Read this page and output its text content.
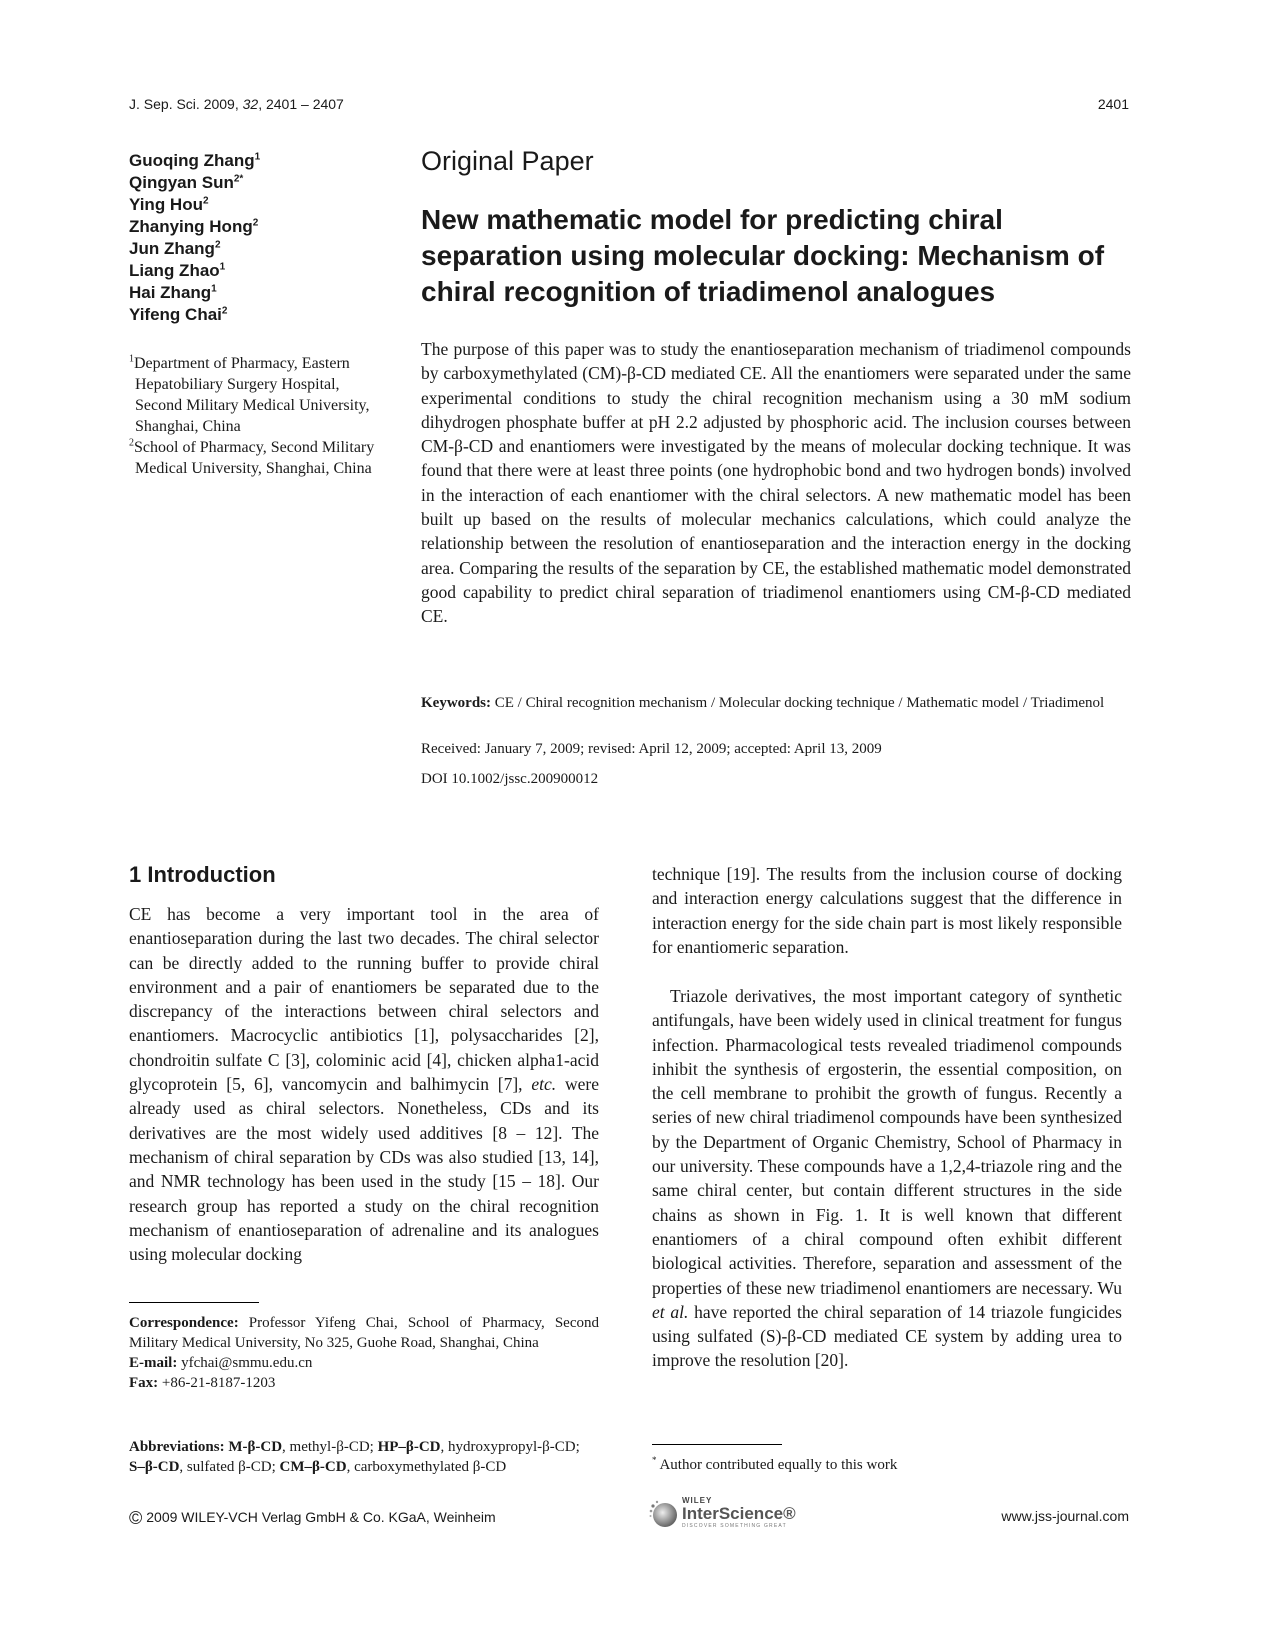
J. Sep. Sci. 2009, 32, 2401 – 2407	2401
Guoqing Zhang$^1$
Qingyan Sun$^{2*}$
Ying Hou$^2$
Zhanying Hong$^2$
Jun Zhang$^2$
Liang Zhao$^1$
Hai Zhang$^1$
Yifeng Chai$^2$
$^1$Department of Pharmacy, Eastern Hepatobiliary Surgery Hospital, Second Military Medical University, Shanghai, China
$^2$School of Pharmacy, Second Military Medical University, Shanghai, China
Original Paper
New mathematic model for predicting chiral separation using molecular docking: Mechanism of chiral recognition of triadimenol analogues

The purpose of this paper was to study the enantioseparation mechanism of triadimenol compounds by carboxymethylated (CM)-β-CD mediated CE. All the enantiomers were separated under the same experimental conditions to study the chiral recognition mechanism using a 30 mM sodium dihydrogen phosphate buffer at pH 2.2 adjusted by phosphoric acid. The inclusion courses between CM-β-CD and enantiomers were investigated by the means of molecular docking technique. It was found that there were at least three points (one hydrophobic bond and two hydrogen bonds) involved in the interaction of each enantiomer with the chiral selectors. A new mathematic model has been built up based on the results of molecular mechanics calculations, which could analyze the relationship between the resolution of enantioseparation and the interaction energy in the docking area. Comparing the results of the separation by CE, the established mathematic model demonstrated good capability to predict chiral separation of triadimenol enantiomers using CM-β-CD mediated CE.

Keywords: CE / Chiral recognition mechanism / Molecular docking technique / Mathematic model / Triadimenol

Received: January 7, 2009; revised: April 12, 2009; accepted: April 13, 2009

DOI 10.1002/jssc.200900012

1 Introduction

CE has become a very important tool in the area of enantioseparation during the last two decades. The chiral selector can be directly added to the running buffer to provide chiral environment and a pair of enantiomers be separated due to the discrepancy of the interactions between chiral selectors and enantiomers. Macrocyclic antibiotics [1], polysaccharides [2], chondroitin sulfate C [3], colominic acid [4], chicken alpha1-acid glycoprotein [5, 6], vancomycin and balhimycin [7], etc. were already used as chiral selectors. Nonetheless, CDs and its derivatives are the most widely used additives [8 – 12]. The mechanism of chiral separation by CDs was also studied [13, 14], and NMR technology has been used in the study [15 – 18]. Our research group has reported a study on the chiral recognition mechanism of enantioseparation of adrenaline and its analogues using molecular docking

technique [19]. The results from the inclusion course of docking and interaction energy calculations suggest that the difference in interaction energy for the side chain part is most likely responsible for enantiomeric separation.

Triazole derivatives, the most important category of synthetic antifungals, have been widely used in clinical treatment for fungus infection. Pharmacological tests revealed triadimenol compounds inhibit the synthesis of ergosterin, the essential composition, on the cell membrane to prohibit the growth of fungus. Recently a series of new chiral triadimenol compounds have been synthesized by the Department of Organic Chemistry, School of Pharmacy in our university. These compounds have a 1,2,4-triazole ring and the same chiral center, but contain different structures in the side chains as shown in Fig. 1. It is well known that different enantiomers of a chiral compound often exhibit different biological activities. Therefore, separation and assessment of the properties of these new triadimenol enantiomers are necessary. Wu et al. have reported the chiral separation of 14 triazole fungicides using sulfated (S)-β-CD mediated CE system by adding urea to improve the resolution [20].

Correspondence: Professor Yifeng Chai, School of Pharmacy, Second Military Medical University, No 325, Guohe Road, Shanghai, China
E-mail: yfchai@smmu.edu.cn
Fax: +86-21-8187-1203

Abbreviations: M-β-CD, methyl-β-CD; HP–β-CD, hydroxypropyl-β-CD; S–β-CD, sulfated β-CD; CM–β-CD, carboxymethylated β-CD	* Author contributed equally to this work

© 2009 WILEY-VCH Verlag GmbH & Co. KGaA, Weinheim
WILEY
InterScience®
DISCOVER SOMETHING GREAT
www.jss-journal.com
